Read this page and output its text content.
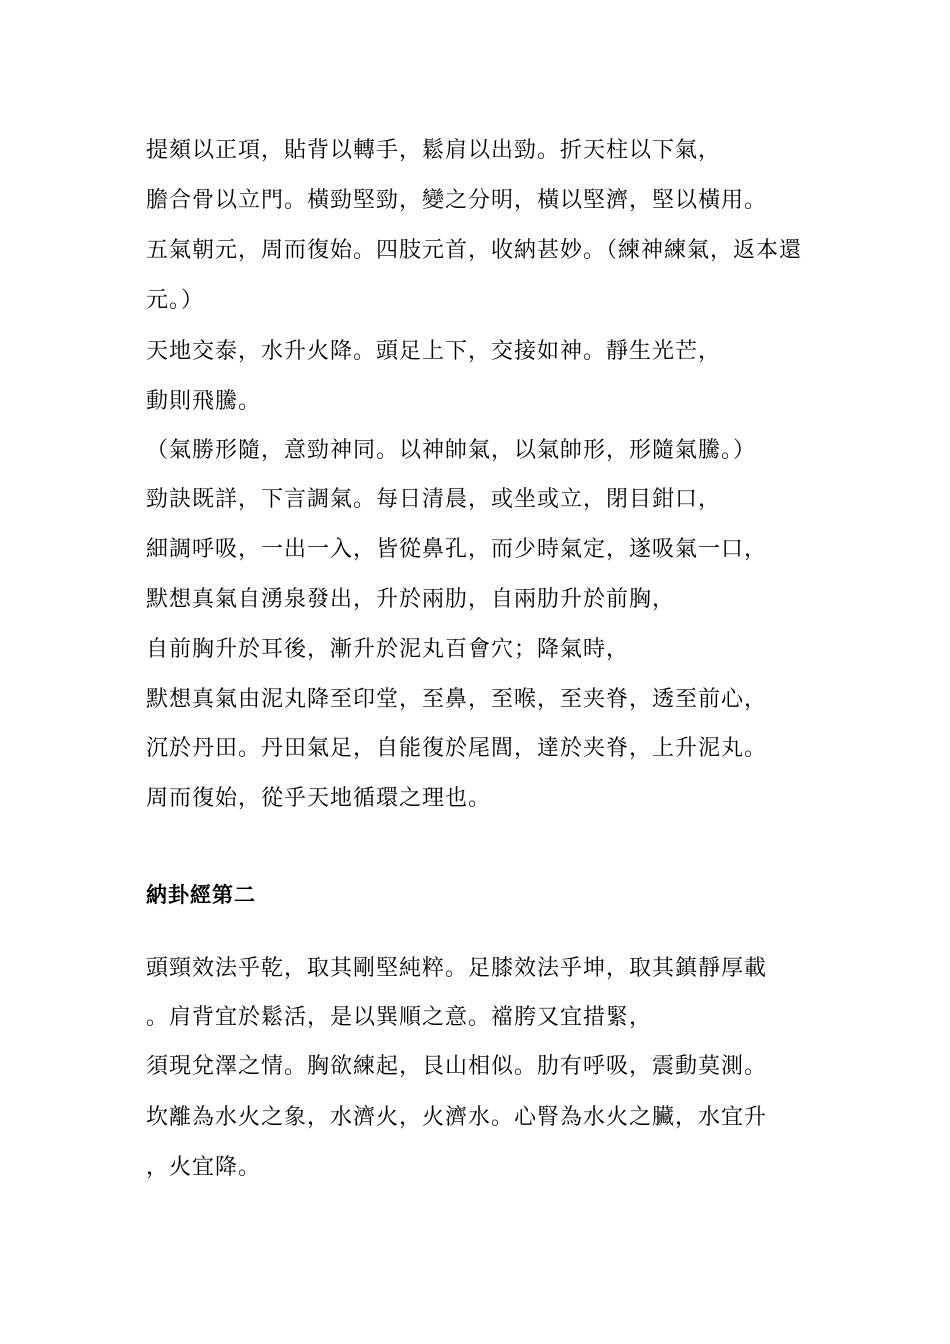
提頦以正項，貼背以轉手，鬆肩以出勁。折天柱以下氣，
膽合骨以立門。橫勁堅勁，變之分明，橫以堅濟，堅以橫用。
五氣朝元，周而復始。四肢元首，收納甚妙。（練神練氣，返本還
元。）
天地交泰，水升火降。頭足上下，交接如神。靜生光芒，
動則飛騰。
（氣勝形隨，意勁神同。以神帥氣，以氣帥形，形隨氣騰。）
勁訣既詳，下言調氣。每日清晨，或坐或立，閉目鉗口，
細調呼吸，一出一入，皆從鼻孔，而少時氣定，遂吸氣一口，
默想真氣自湧泉發出，升於兩肋，自兩肋升於前胸，
自前胸升於耳後，漸升於泥丸百會穴；降氣時，
默想真氣由泥丸降至印堂，至鼻，至喉，至夹脊，透至前心，
沉於丹田。丹田氣足，自能復於尾閭，達於夹脊，上升泥丸。
周而復始，從乎天地循環之理也。
納卦經第二
頭頸效法乎乾，取其剛堅純粹。足膝效法乎坤，取其鎮靜厚載
。肩背宜於鬆活，是以巽順之意。襠胯又宜措緊，
須現兌澤之情。胸欲練起，艮山相似。肋有呼吸，震動莫測。
坎離為水火之象，水濟火，火濟水。心腎為水火之臟，水宜升
，火宜降。
